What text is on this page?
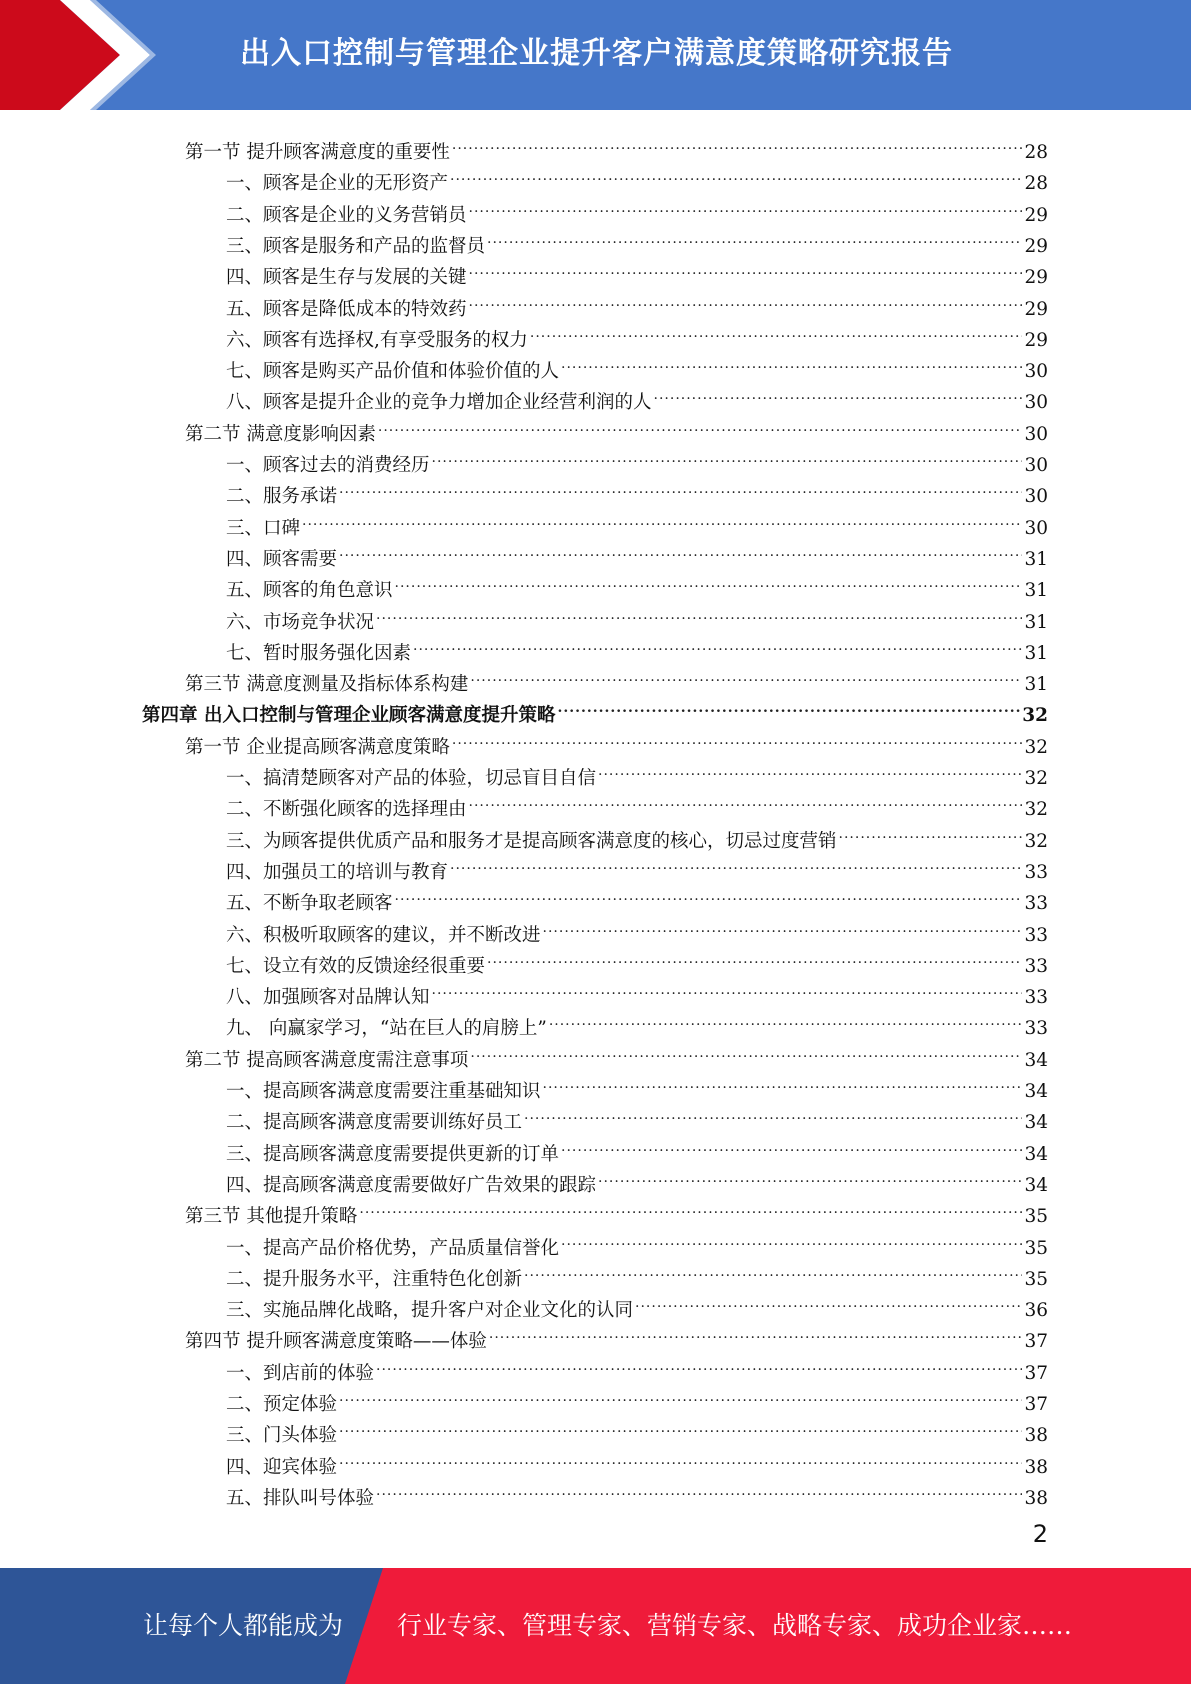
出入口控制与管理企业提升客户满意度策略研究报告
第一节 提升顾客满意度的重要性 .....	28
一、顾客是企业的无形资产 .....	28
二、顾客是企业的义务营销员 .....	29
三、顾客是服务和产品的监督员 .....	29
四、顾客是生存与发展的关键 .....	29
五、顾客是降低成本的特效药 .....	29
六、顾客有选择权,有享受服务的权力 .....	29
七、顾客是购买产品价值和体验价值的人 .....	30
八、顾客是提升企业的竞争力增加企业经营利润的人 .....	30
第二节 满意度影响因素 .....	30
一、顾客过去的消费经历 .....	30
二、服务承诺 .....	30
三、口碑 .....	30
四、顾客需要 .....	31
五、顾客的角色意识 .....	31
六、市场竞争状况 .....	31
七、暂时服务强化因素 .....	31
第三节 满意度测量及指标体系构建 .....	31
第四章 出入口控制与管理企业顾客满意度提升策略 .....	32
第一节 企业提高顾客满意度策略 .....	32
一、搞清楚顾客对产品的体验，切忌盲目自信 .....	32
二、不断强化顾客的选择理由 .....	32
三、为顾客提供优质产品和服务才是提高顾客满意度的核心，切忌过度营销 .....	32
四、加强员工的培训与教育 .....	33
五、不断争取老顾客 .....	33
六、积极听取顾客的建议，并不断改进 .....	33
七、设立有效的反馈途经很重要 .....	33
八、加强顾客对品牌认知 .....	33
九、 向赢家学习，“站在巨人的肩膀上” .....	33
第二节 提高顾客满意度需注意事项 .....	34
一、提高顾客满意度需要注重基础知识 .....	34
二、提高顾客满意度需要训练好员工 .....	34
三、提高顾客满意度需要提供更新的订单 .....	34
四、提高顾客满意度需要做好广告效果的跟踪 .....	34
第三节 其他提升策略 .....	35
一、提高产品价格优势，产品质量信誉化 .....	35
二、提升服务水平，注重特色化创新 .....	35
三、实施品牌化战略，提升客户对企业文化的认同 .....	36
第四节 提升顾客满意度策略——体验 .....	37
一、到店前的体验 .....	37
二、预定体验 .....	37
三、门头体验 .....	38
四、迎宾体验 .....	38
五、排队叫号体验 .....	38
2
让每个人都能成为 行业专家、管理专家、营销专家、战略专家、成功企业家……
